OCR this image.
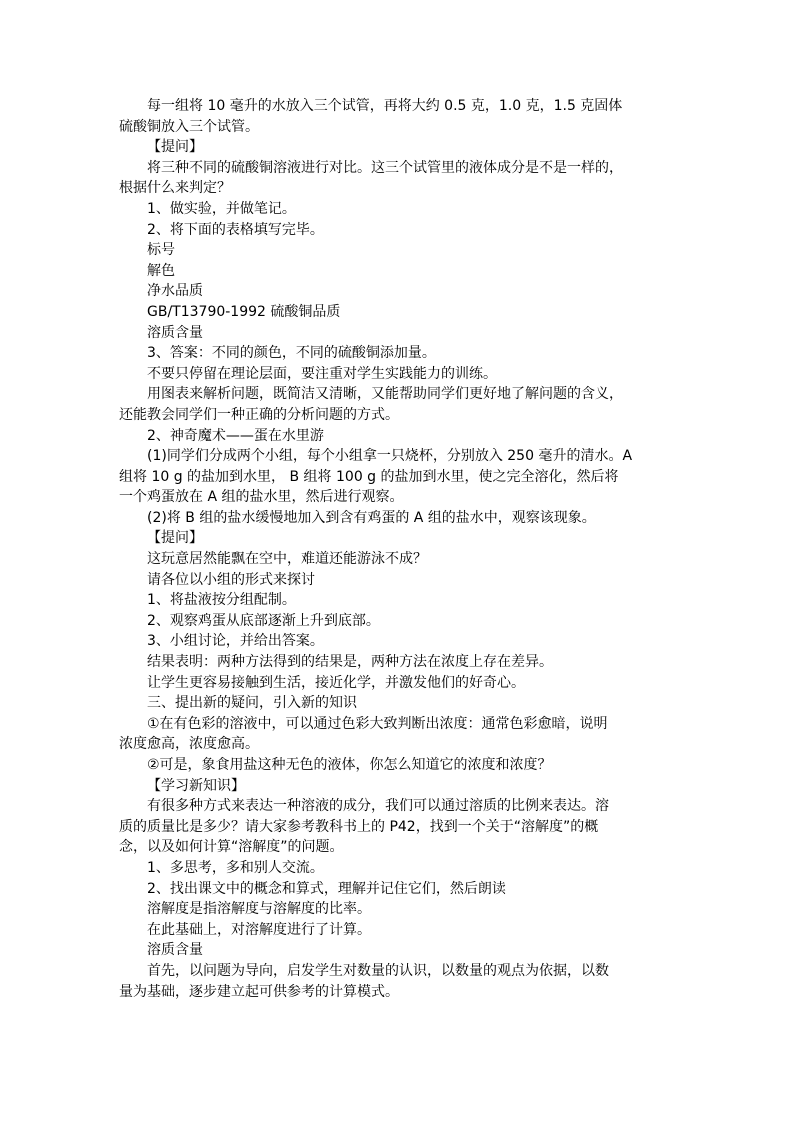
每一组将 10 毫升的水放入三个试管，再将大约 0.5 克，1.0 克，1.5 克固体
硫酸铜放入三个试管。
【提问】
将三种不同的硫酸铜溶液进行对比。这三个试管里的液体成分是不是一样的，
根据什么来判定？
1、做实验，并做笔记。
2、将下面的表格填写完毕。
标号
解色
净水品质
GB/T13790-1992 硫酸铜品质
溶质含量
3、答案：不同的颜色，不同的硫酸铜添加量。
不要只停留在理论层面，要注重对学生实践能力的训练。
用图表来解析问题，既简洁又清晰，又能帮助同学们更好地了解问题的含义，
还能教会同学们一种正确的分析问题的方式。
2、神奇魔术——蛋在水里游
(1)同学们分成两个小组，每个小组拿一只烧杯，分别放入 250 毫升的清水。A
组将 10 g 的盐加到水里， B 组将 100 g 的盐加到水里，使之完全溶化，然后将
一个鸡蛋放在 A 组的盐水里，然后进行观察。
(2)将 B 组的盐水缓慢地加入到含有鸡蛋的 A 组的盐水中，观察该现象。
【提问】
这玩意居然能飘在空中，难道还能游泳不成？
请各位以小组的形式来探讨
1、将盐液按分组配制。
2、观察鸡蛋从底部逐渐上升到底部。
3、小组讨论，并给出答案。
结果表明：两种方法得到的结果是，两种方法在浓度上存在差异。
让学生更容易接触到生活，接近化学，并激发他们的好奇心。
三、提出新的疑问，引入新的知识
①在有色彩的溶液中，可以通过色彩大致判断出浓度：通常色彩愈暗，说明
浓度愈高，浓度愈高。
②可是，象食用盐这种无色的液体，你怎么知道它的浓度和浓度？
【学习新知识】
有很多种方式来表达一种溶液的成分，我们可以通过溶质的比例来表达。溶
质的质量比是多少？请大家参考教科书上的 P42，找到一个关于“溶解度”的概
念，以及如何计算“溶解度”的问题。
1、多思考，多和别人交流。
2、找出课文中的概念和算式，理解并记住它们，然后朗读
溶解度是指溶解度与溶解度的比率。
在此基础上，对溶解度进行了计算。
溶质含量
首先，以问题为导向，启发学生对数量的认识，以数量的观点为依据，以数
量为基础，逐步建立起可供参考的计算模式。
